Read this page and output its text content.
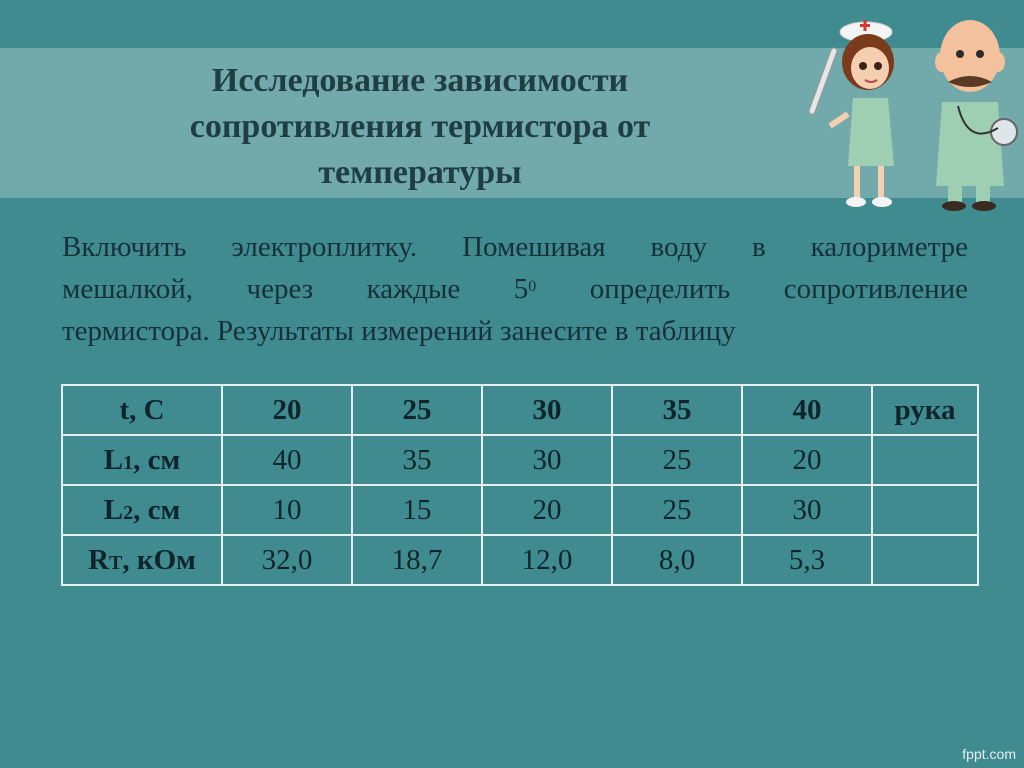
Исследование зависимости
сопротивления термистора от
температуры
Включить электроплитку. Помешивая воду в калориметре
мешалкой, через каждые $5^0$ определить сопротивление
термистора. Результаты измерений занесите в таблицу
t, C	20	25	30	35	40	рука
L1, см	40	35	30	25	20	
L2, см	10	15	20	25	30	
RT, кОм	32,0	18,7	12,0	8,0	5,3	
fppt.com
